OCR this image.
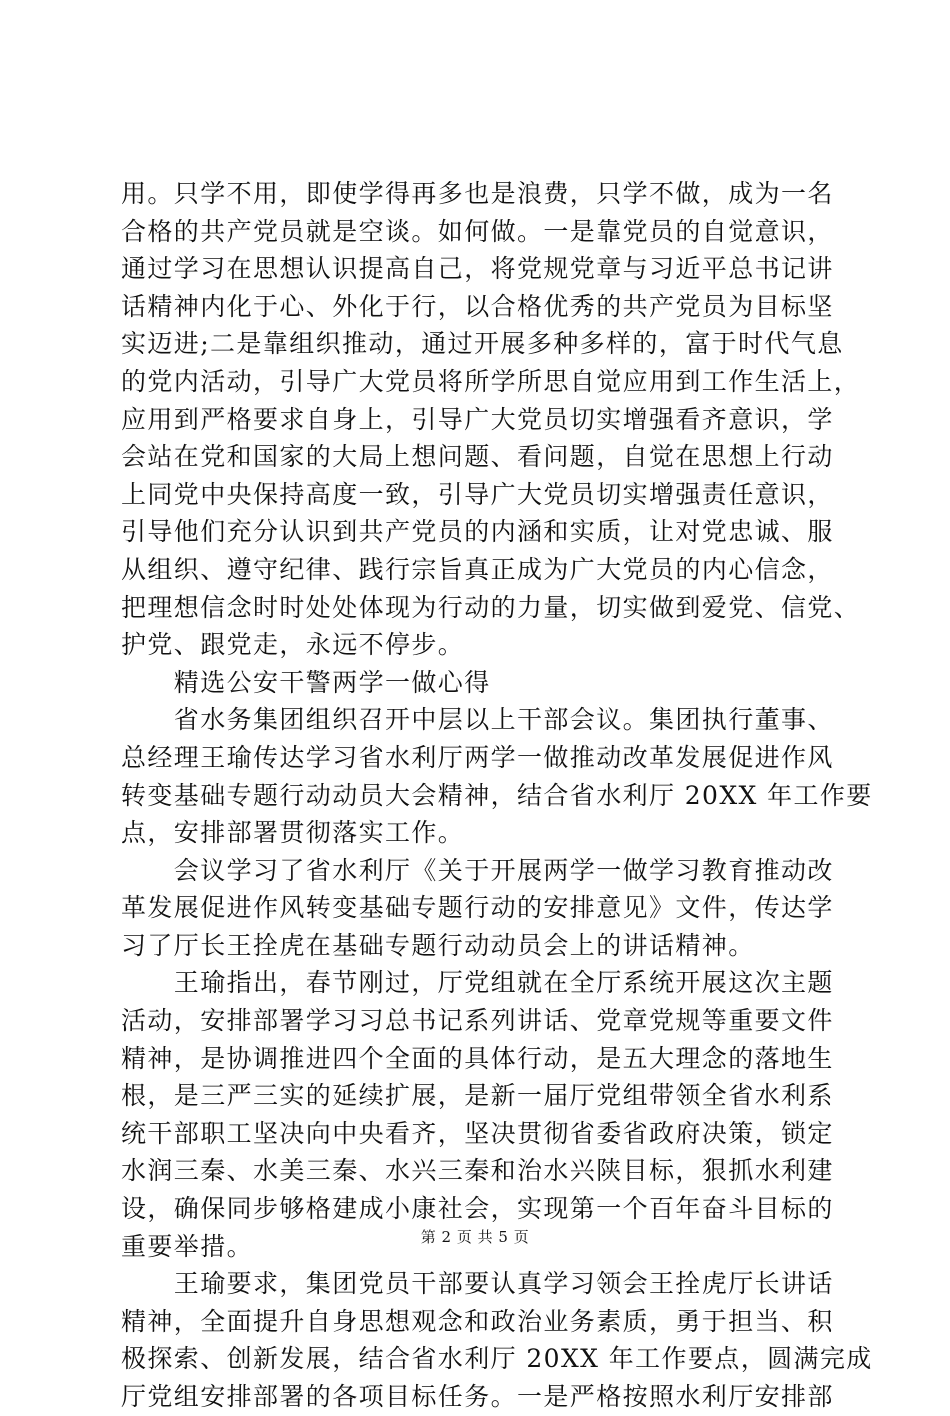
用。只学不用，即使学得再多也是浪费，只学不做，成为一名
合格的共产党员就是空谈。如何做。一是靠党员的自觉意识，
通过学习在思想认识提高自己，将党规党章与习近平总书记讲
话精神内化于心、外化于行，以合格优秀的共产党员为目标坚
实迈进;二是靠组织推动，通过开展多种多样的，富于时代气息
的党内活动，引导广大党员将所学所思自觉应用到工作生活上，
应用到严格要求自身上，引导广大党员切实增强看齐意识，学
会站在党和国家的大局上想问题、看问题，自觉在思想上行动
上同党中央保持高度一致，引导广大党员切实增强责任意识，
引导他们充分认识到共产党员的内涵和实质，让对党忠诚、服
从组织、遵守纪律、践行宗旨真正成为广大党员的内心信念，
把理想信念时时处处体现为行动的力量，切实做到爱党、信党、
护党、跟党走，永远不停步。
　　精选公安干警两学一做心得
　　省水务集团组织召开中层以上干部会议。集团执行董事、
总经理王瑜传达学习省水利厅两学一做推动改革发展促进作风
转变基础专题行动动员大会精神，结合省水利厅 20XX 年工作要
点，安排部署贯彻落实工作。
　　会议学习了省水利厅《关于开展两学一做学习教育推动改
革发展促进作风转变基础专题行动的安排意见》文件，传达学
习了厅长王拴虎在基础专题行动动员会上的讲话精神。
　　王瑜指出，春节刚过，厅党组就在全厅系统开展这次主题
活动，安排部署学习习总书记系列讲话、党章党规等重要文件
精神，是协调推进四个全面的具体行动，是五大理念的落地生
根，是三严三实的延续扩展，是新一届厅党组带领全省水利系
统干部职工坚决向中央看齐，坚决贯彻省委省政府决策，锁定
水润三秦、水美三秦、水兴三秦和治水兴陕目标，狠抓水利建
设，确保同步够格建成小康社会，实现第一个百年奋斗目标的
重要举措。
　　王瑜要求，集团党员干部要认真学习领会王拴虎厅长讲话
精神，全面提升自身思想观念和政治业务素质，勇于担当、积
极探索、创新发展，结合省水利厅 20XX 年工作要点，圆满完成
厅党组安排部署的各项目标任务。一是严格按照水利厅安排部
第 2 页 共 5 页
